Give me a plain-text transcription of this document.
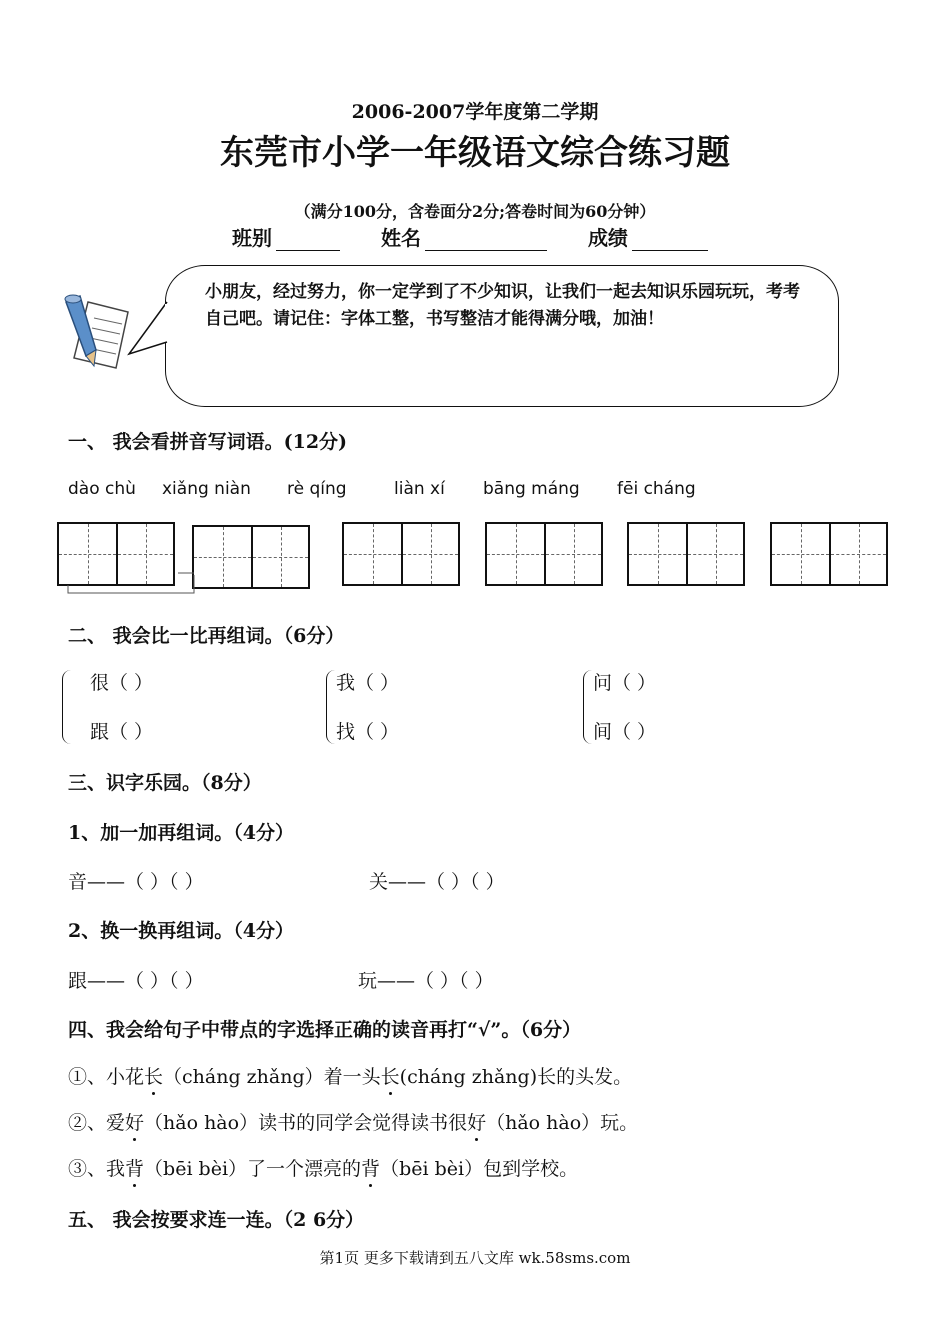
2006-2007学年度第二学期
东莞市小学一年级语文综合练习题
（满分100分，含卷面分2分;答卷时间为60分钟）
班别	姓名	成绩
小朋友，经过努力，你一定学到了不少知识，让我们一起去知识乐园玩玩，考考自己吧。请记住：字体工整，书写整洁才能得满分哦，加油！
一、 我会看拼音写词语。(12分)
dào chù xiǎng niàn rè qíng	liàn xí bāng máng fēi cháng
二、 我会比一比再组词。（6分）
很（ ）
跟（ ）
我（ ）
找（ ）
问（ ）
间（ ）
三、识字乐园。（8分）
1、加一加再组词。（4分）
音——（ ）（ ）	关——（ ）（ ）
2、换一换再组词。（4分）
跟——（ ）（ ）	玩——（ ）（ ）
四、我会给句子中带点的字选择正确的读音再打“√”。（6分）
①、小花长（cháng zhǎng）着一头长(cháng zhǎng)长的头发。
②、爱好（hǎo hào）读书的同学会觉得读书很好（hǎo hào）玩。
③、我背（bēi bèi）了一个漂亮的背（bēi bèi）包到学校。
五、 我会按要求连一连。（2 6分）
第1页 更多下载请到五八文库 wk.58sms.com
